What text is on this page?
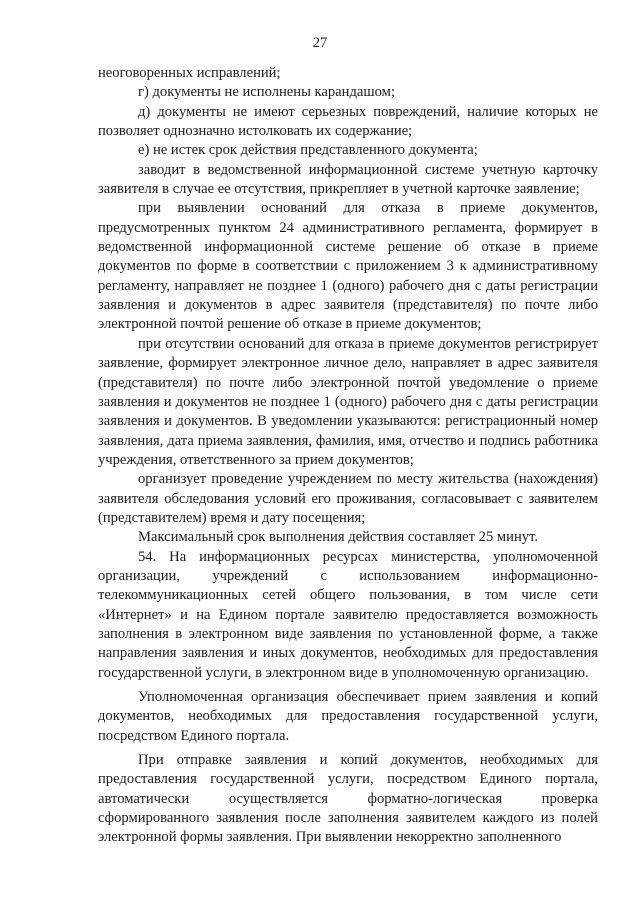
27

неоговоренных исправлений;

г) документы не исполнены карандашом;

д) документы не имеют серьезных повреждений, наличие которых не позволяет однозначно истолковать их содержание;

е) не истек срок действия представленного документа;

заводит в ведомственной информационной системе учетную карточку заявителя в случае ее отсутствия, прикрепляет в учетной карточке заявление;

при выявлении оснований для отказа в приеме документов, предусмотренных пунктом 24 административного регламента, формирует в ведомственной информационной системе решение об отказе в приеме документов по форме в соответствии с приложением 3 к административному регламенту, направляет не позднее 1 (одного) рабочего дня с даты регистрации заявления и документов в адрес заявителя (представителя) по почте либо электронной почтой решение об отказе в приеме документов;

при отсутствии оснований для отказа в приеме документов регистрирует заявление, формирует электронное личное дело, направляет в адрес заявителя (представителя) по почте либо электронной почтой уведомление о приеме заявления и документов не позднее 1 (одного) рабочего дня с даты регистрации заявления и документов. В уведомлении указываются: регистрационный номер заявления, дата приема заявления, фамилия, имя, отчество и подпись работника учреждения, ответственного за прием документов;

организует проведение учреждением по месту жительства (нахождения) заявителя обследования условий его проживания, согласовывает с заявителем (представителем) время и дату посещения;

Максимальный срок выполнения действия составляет 25 минут.

54. На информационных ресурсах министерства, уполномоченной организации, учреждений с использованием информационно-телекоммуникационных сетей общего пользования, в том числе сети «Интернет» и на Едином портале заявителю предоставляется возможность заполнения в электронном виде заявления по установленной форме, а также направления заявления и иных документов, необходимых для предоставления государственной услуги, в электронном виде в уполномоченную организацию.

Уполномоченная организация обеспечивает прием заявления и копий документов, необходимых для предоставления государственной услуги, посредством Единого портала.

При отправке заявления и копий документов, необходимых для предоставления государственной услуги, посредством Единого портала, автоматически осуществляется форматно-логическая проверка сформированного заявления после заполнения заявителем каждого из полей электронной формы заявления. При выявлении некорректно заполненного
